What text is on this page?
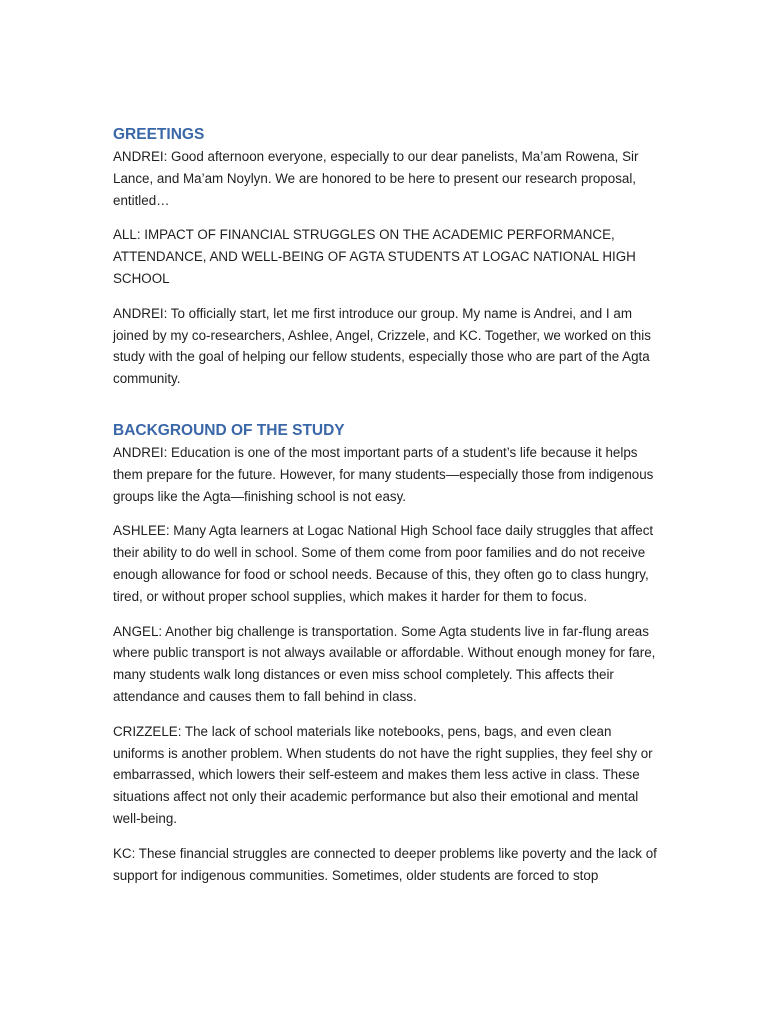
GREETINGS

ANDREI: Good afternoon everyone, especially to our dear panelists, Ma’am Rowena, Sir Lance, and Ma’am Noylyn. We are honored to be here to present our research proposal, entitled…

ALL: IMPACT OF FINANCIAL STRUGGLES ON THE ACADEMIC PERFORMANCE, ATTENDANCE, AND WELL-BEING OF AGTA STUDENTS AT LOGAC NATIONAL HIGH SCHOOL

ANDREI: To officially start, let me first introduce our group. My name is Andrei, and I am joined by my co-researchers, Ashlee, Angel, Crizzele, and KC. Together, we worked on this study with the goal of helping our fellow students, especially those who are part of the Agta community.

BACKGROUND OF THE STUDY

ANDREI: Education is one of the most important parts of a student’s life because it helps them prepare for the future. However, for many students—especially those from indigenous groups like the Agta—finishing school is not easy.

ASHLEE: Many Agta learners at Logac National High School face daily struggles that affect their ability to do well in school. Some of them come from poor families and do not receive enough allowance for food or school needs. Because of this, they often go to class hungry, tired, or without proper school supplies, which makes it harder for them to focus.

ANGEL: Another big challenge is transportation. Some Agta students live in far-flung areas where public transport is not always available or affordable. Without enough money for fare, many students walk long distances or even miss school completely. This affects their attendance and causes them to fall behind in class.

CRIZZELE: The lack of school materials like notebooks, pens, bags, and even clean uniforms is another problem. When students do not have the right supplies, they feel shy or embarrassed, which lowers their self-esteem and makes them less active in class. These situations affect not only their academic performance but also their emotional and mental well-being.

KC: These financial struggles are connected to deeper problems like poverty and the lack of support for indigenous communities. Sometimes, older students are forced to stop
